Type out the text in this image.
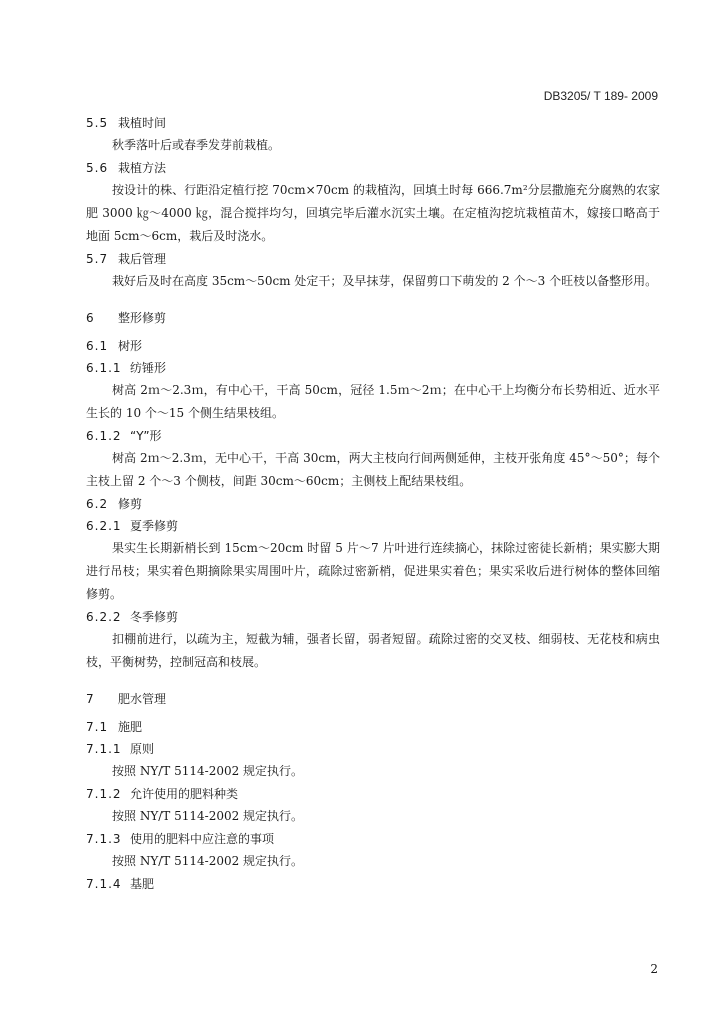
DB3205/ T 189- 2009
5.5 栽植时间

秋季落叶后或春季发芽前栽植。

5.6 栽植方法

按设计的株、行距沿定植行挖 70cm×70cm 的栽植沟，回填土时每 666.7m²分层撒施充分腐熟的农家肥 3000 ㎏～4000 ㎏，混合搅拌均匀，回填完毕后灌水沉实土壤。在定植沟挖坑栽植苗木，嫁接口略高于地面 5cm～6cm，栽后及时浇水。

5.7 栽后管理

栽好后及时在高度 35cm～50cm 处定干；及早抹芽，保留剪口下萌发的 2 个～3 个旺枝以备整形用。

6 整形修剪
6.1 树形
6.1.1 纺锤形

树高 2ｍ～2.3ｍ，有中心干，干高 50cm，冠径 1.5ｍ～2ｍ；在中心干上均衡分布长势相近、近水平生长的 10 个～15 个侧生结果枝组。

6.1.2 “Y”形

树高 2ｍ～2.3ｍ，无中心干，干高 30cm，两大主枝向行间两侧延伸，主枝开张角度 45°～50°；每个主枝上留 2 个～3 个侧枝，间距 30cm～60cm；主侧枝上配结果枝组。

6.2 修剪
6.2.1 夏季修剪

果实生长期新梢长到 15cm～20cm 时留 5 片～7 片叶进行连续摘心，抹除过密徒长新梢；果实膨大期进行吊枝；果实着色期摘除果实周围叶片，疏除过密新梢，促进果实着色；果实采收后进行树体的整体回缩修剪。

6.2.2 冬季修剪

扣棚前进行，以疏为主，短截为辅，强者长留，弱者短留。疏除过密的交叉枝、细弱枝、无花枝和病虫枝，平衡树势，控制冠高和枝展。

7 肥水管理
7.1 施肥
7.1.1 原则

按照 NY/T 5114-2002 规定执行。

7.1.2 允许使用的肥料种类

按照 NY/T 5114-2002 规定执行。

7.1.3 使用的肥料中应注意的事项

按照 NY/T 5114-2002 规定执行。

7.1.4 基肥
2
